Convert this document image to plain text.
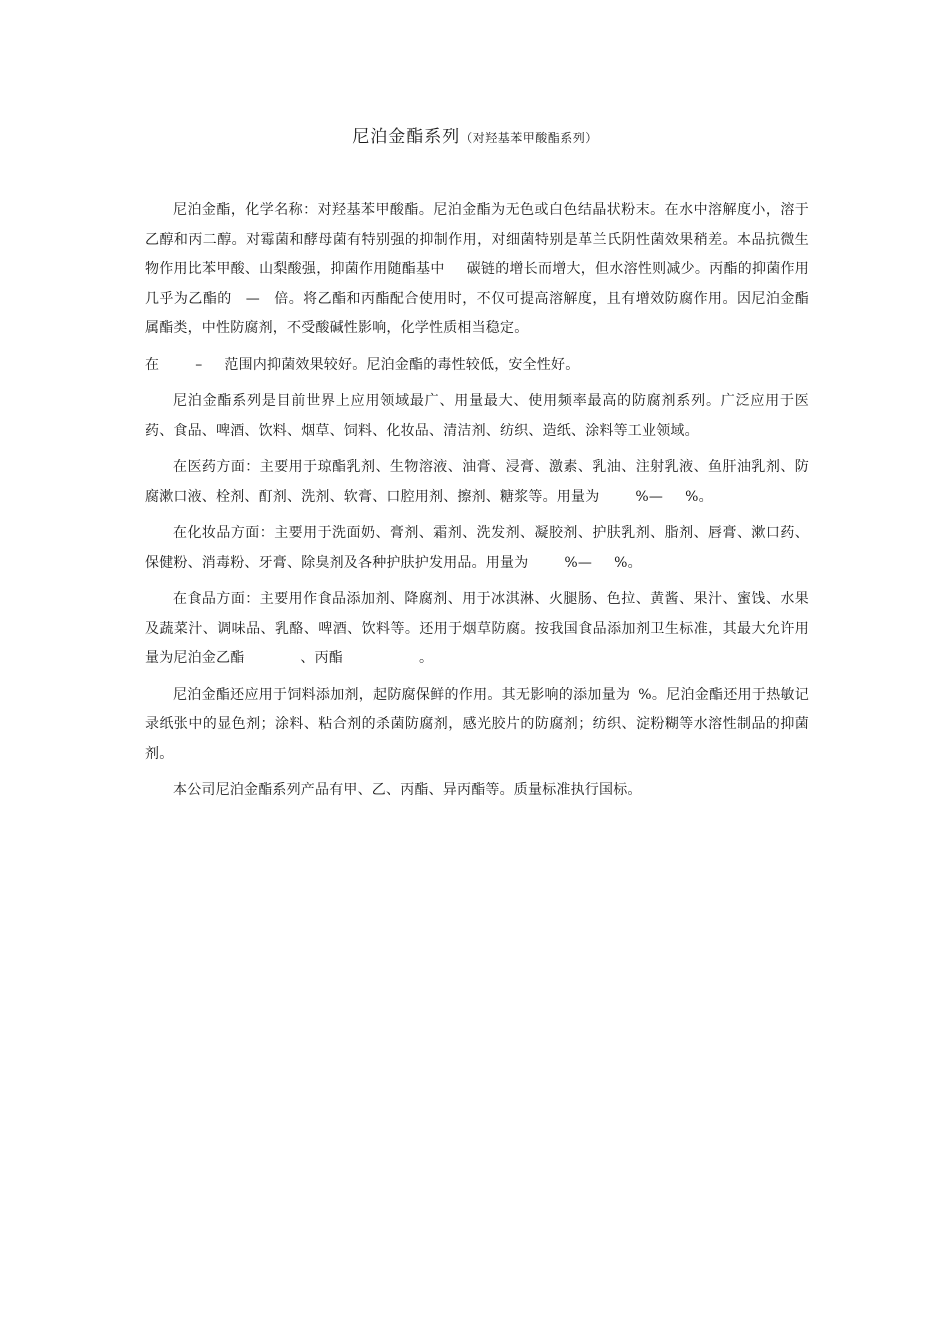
尼泊金酯系列（对羟基苯甲酸酯系列）

尼泊金酯，化学名称：对羟基苯甲酸酯。尼泊金酯为无色或白色结晶状粉末。在水中溶解度小，溶于乙醇和丙二醇。对霉菌和酵母菌有特别强的抑制作用，对细菌特别是革兰氏阴性菌效果稍差。本品抗微生物作用比苯甲酸、山梨酸强，抑菌作用随酯基中 碳链的增长而增大，但水溶性则减少。丙酯的抑菌作用几乎为乙酯的 — 倍。将乙酯和丙酯配合使用时，不仅可提高溶解度，且有增效防腐作用。因尼泊金酯属酯类，中性防腐剂，不受酸碱性影响，化学性质相当稳定。

在	– 范围内抑菌效果较好。尼泊金酯的毒性较低，安全性好。

尼泊金酯系列是目前世界上应用领域最广、用量最大、使用频率最高的防腐剂系列。广泛应用于医药、食品、啤酒、饮料、烟草、饲料、化妆品、清洁剂、纺织、造纸、涂料等工业领域。

在医药方面：主要用于琼酯乳剂、生物溶液、油膏、浸膏、激素、乳油、注射乳液、鱼肝油乳剂、防腐漱口液、栓剂、酊剂、洗剂、软膏、口腔用剂、擦剂、糖浆等。用量为	%— %。

在化妆品方面：主要用于洗面奶、膏剂、霜剂、洗发剂、凝胶剂、护肤乳剂、脂剂、唇膏、漱口药、保健粉、消毒粉、牙膏、除臭剂及各种护肤护发用品。用量为	%— %。

在食品方面：主要用作食品添加剂、降腐剂、用于冰淇淋、火腿肠、色拉、黄酱、果汁、蜜饯、水果及蔬菜汁、调味品、乳酪、啤酒、饮料等。还用于烟草防腐。按我国食品添加剂卫生标准，其最大允许用量为尼泊金乙酯	、丙酯	。

尼泊金酯还应用于饲料添加剂，起防腐保鲜的作用。其无影响的添加量为 %。尼泊金酯还用于热敏记录纸张中的显色剂；涂料、粘合剂的杀菌防腐剂，感光胶片的防腐剂；纺织、淀粉糊等水溶性制品的抑菌剂。

本公司尼泊金酯系列产品有甲、乙、丙酯、异丙酯等。质量标准执行国标。
